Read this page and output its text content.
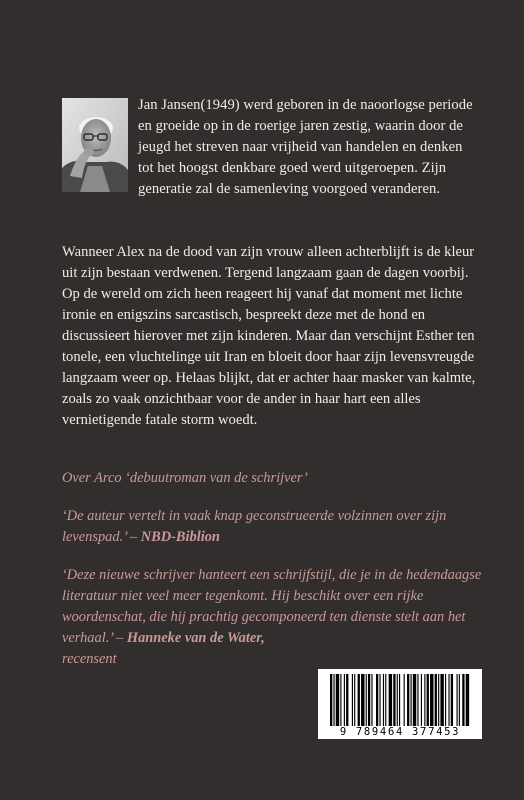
Jan Jansen(1949) werd geboren in de naoorlogse periode en groeide op in de roerige jaren zestig, waarin door de jeugd het streven naar vrijheid van handelen en denken tot het hoogst denkbare goed werd uitgeroepen. Zijn generatie zal de samenleving voorgoed veranderen.

Wanneer Alex na de dood van zijn vrouw alleen achterblijft is de kleur uit zijn bestaan verdwenen. Tergend langzaam gaan de dagen voorbij. Op de wereld om zich heen reageert hij vanaf dat moment met lichte ironie en enigszins sarcastisch, bespreekt deze met de hond en discussieert hierover met zijn kinderen. Maar dan verschijnt Esther ten tonele, een vluchtelinge uit Iran en bloeit door haar zijn levensvreugde langzaam weer op. Helaas blijkt, dat er achter haar masker van kalmte, zoals zo vaak onzichtbaar voor de ander in haar hart een alles vernietigende fatale storm woedt.

Over Arco ‘debuutroman van de schrijver’

‘De auteur vertelt in vaak knap geconstrueerde volzinnen over zijn levenspad.’ – NBD-Biblion

‘Deze nieuwe schrijver hanteert een schrijfstijl, die je in de hedendaagse literatuur niet veel meer tegenkomt. Hij beschikt over een rijke woordenschat, die hij prachtig gecomponeerd ten dienste stelt aan het verhaal.’ – Hanneke van de Water,
recensent

9 789464 377453
